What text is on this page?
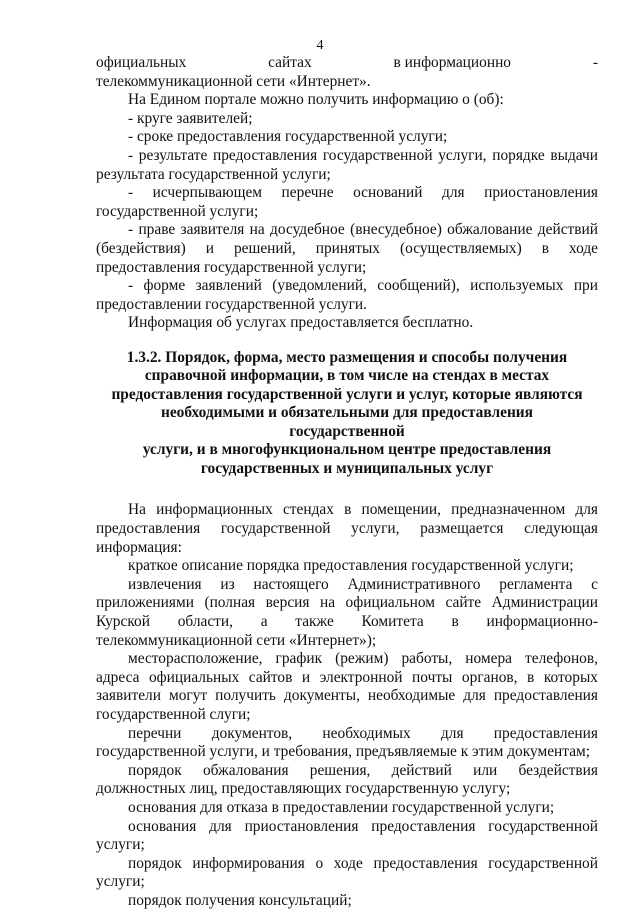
4
официальных	сайтах	в информационно	-

телекоммуникационной сети «Интернет».

На Едином портале можно получить информацию о (об):

- круге заявителей;

- сроке предоставления государственной услуги;

- результате предоставления государственной услуги, порядке выдачи результата государственной услуги;

- исчерпывающем перечне оснований для приостановления государственной услуги;

- праве заявителя на досудебное (внесудебное) обжалование действий (бездействия) и решений, принятых (осуществляемых) в ходе предоставления государственной услуги;

- форме заявлений (уведомлений, сообщений), используемых при предоставлении государственной услуги.

Информация об услугах предоставляется бесплатно.

1.3.2. Порядок, форма, место размещения и способы получения

справочной информации, в том числе на стендах в местах

предоставления государственной услуги и услуг, которые являются

необходимыми и обязательными для предоставления государственной

услуги, и в многофункциональном центре предоставления

государственных и муниципальных услуг

На информационных стендах в помещении, предназначенном для предоставления государственной услуги, размещается следующая информация:

краткое описание порядка предоставления государственной услуги;

извлечения из настоящего Административного регламента с приложениями (полная версия на официальном сайте Администрации Курской области, а также Комитета в информационно-телекоммуникационной сети «Интернет»);

месторасположение, график (режим) работы, номера телефонов, адреса официальных сайтов и электронной почты органов, в которых заявители могут получить документы, необходимые для предоставления государственной слуги;

перечни документов, необходимых для предоставления государственной услуги, и требования, предъявляемые к этим документам;

порядок обжалования решения, действий или бездействия должностных лиц, предоставляющих государственную услугу;

основания для отказа в предоставлении государственной услуги;

основания для приостановления предоставления государственной услуги;

порядок информирования о ходе предоставления государственной услуги;

порядок получения консультаций;
